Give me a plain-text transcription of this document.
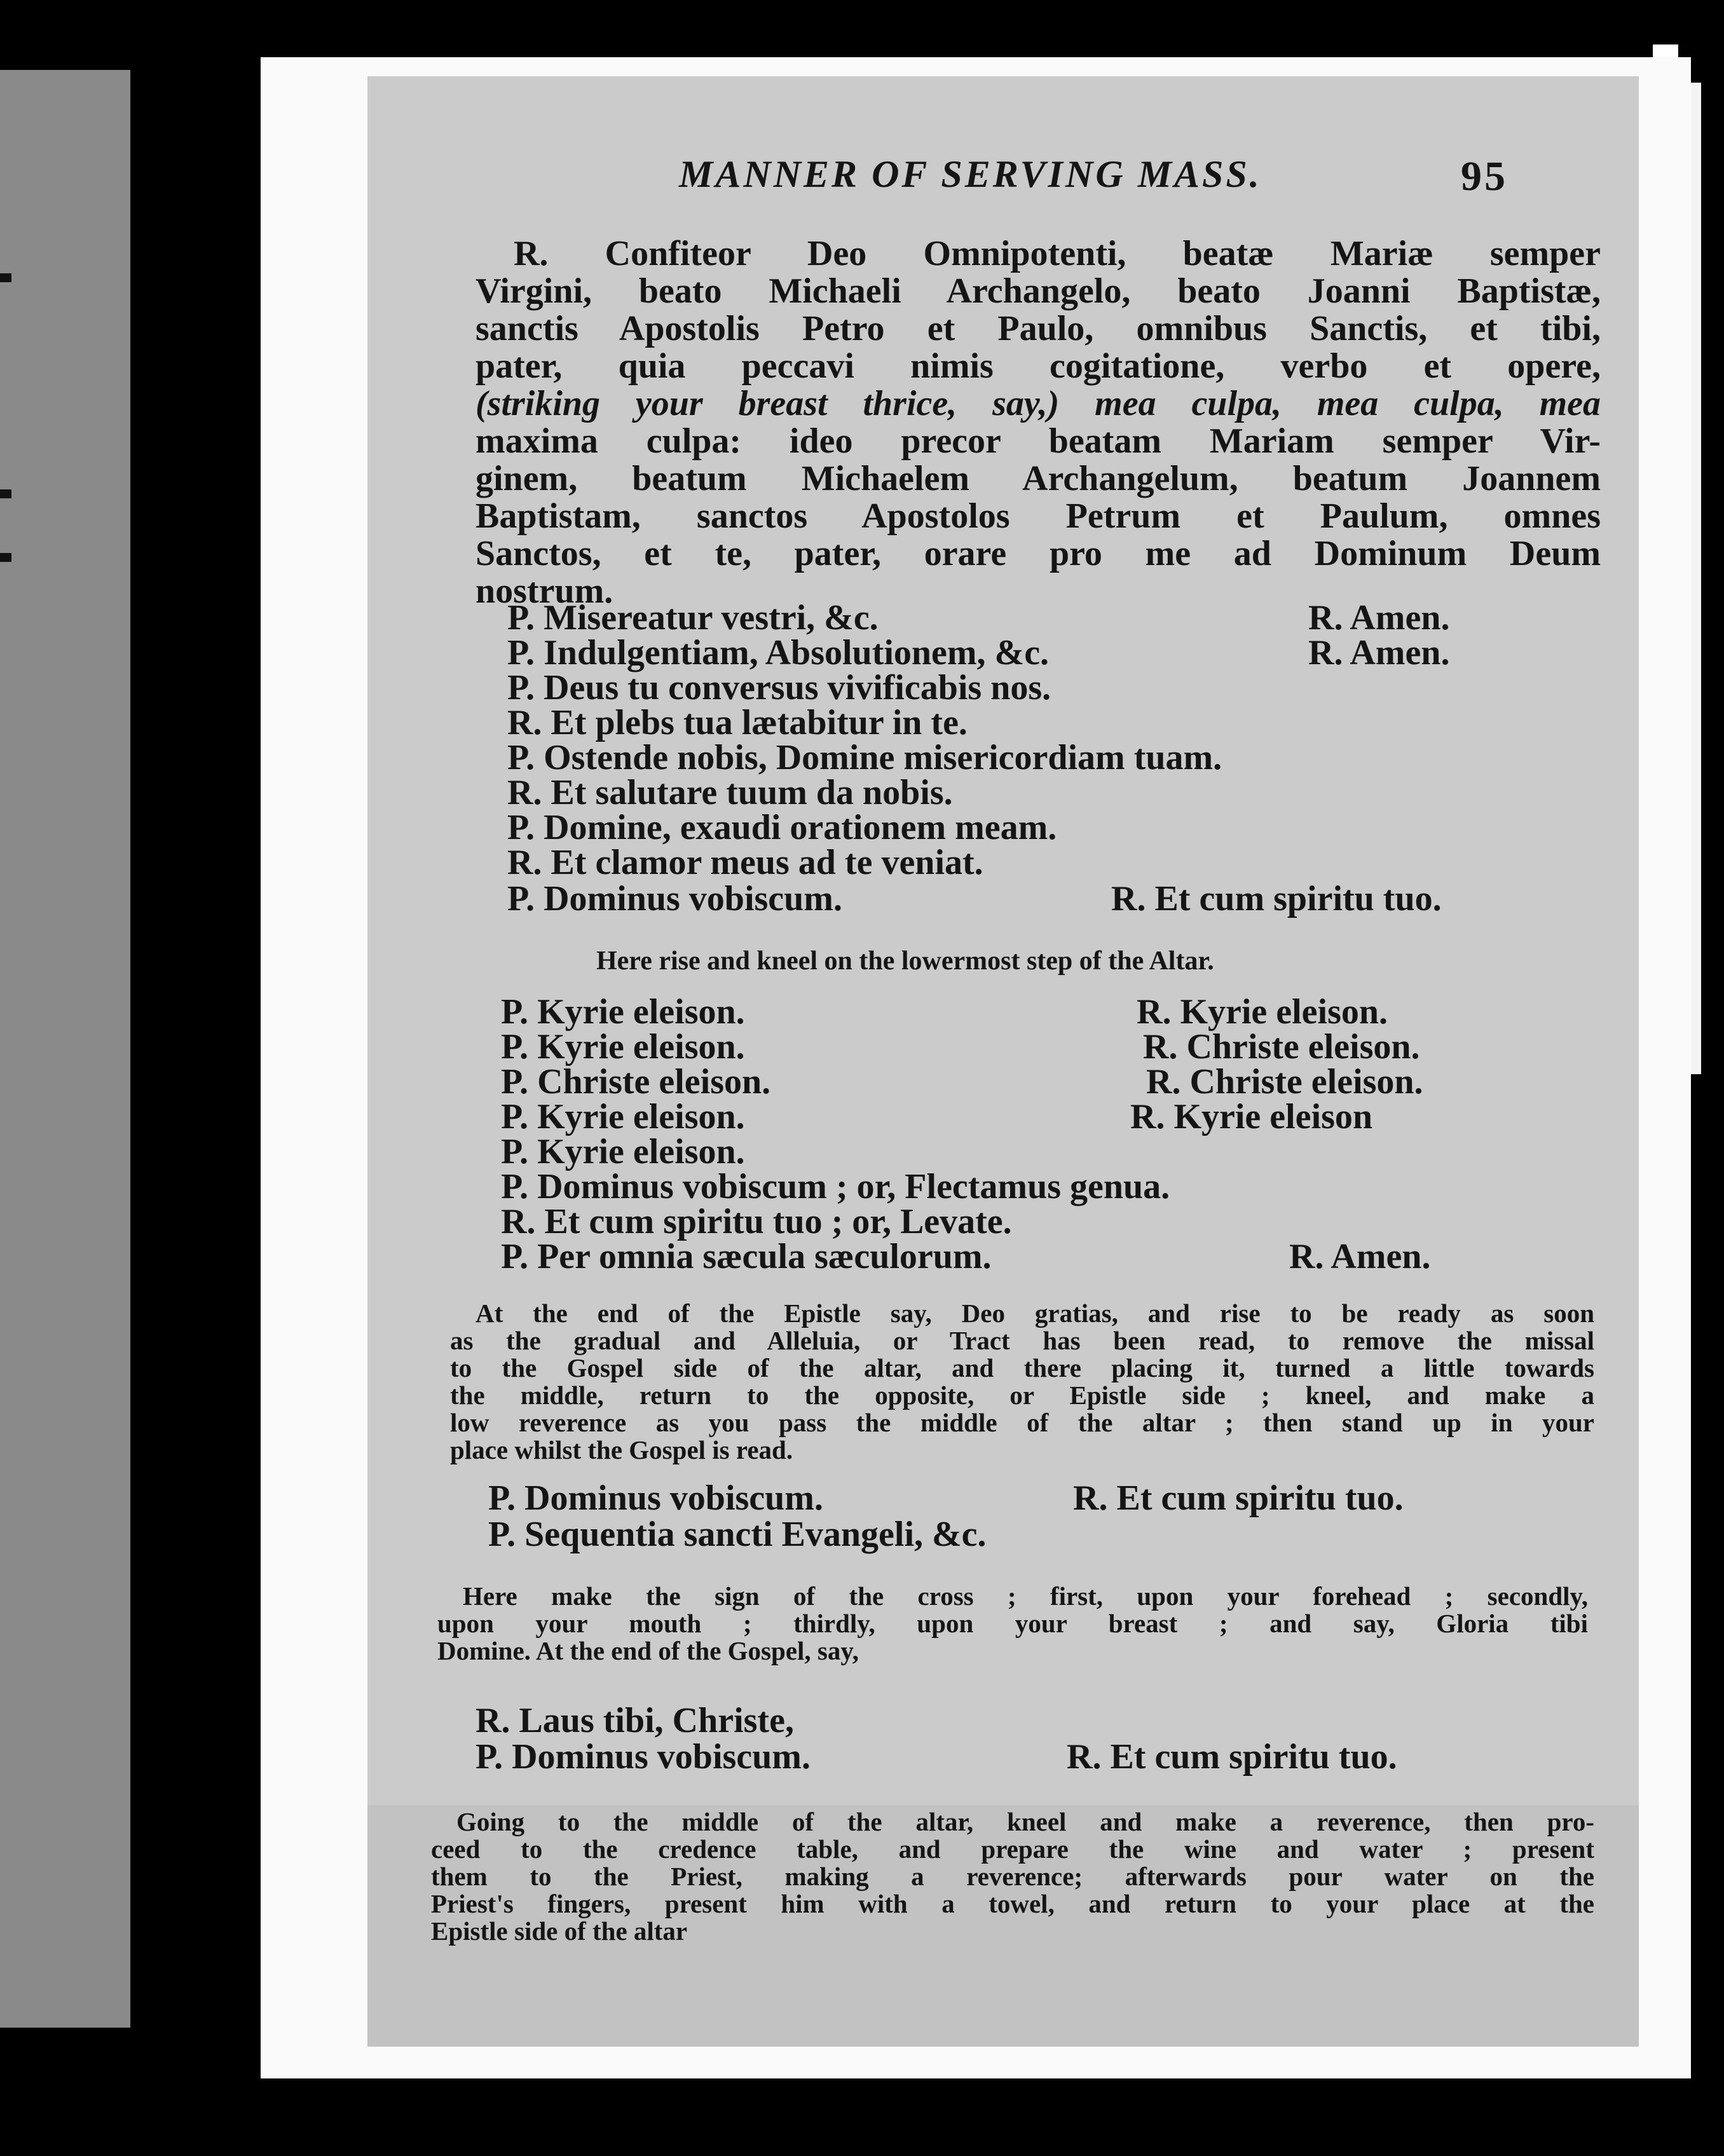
MANNER OF SERVING MASS.	95
R. Confiteor Deo Omnipotenti, beatæ Mariæ semper
Virgini, beato Michaeli Archangelo, beato Joanni Baptistæ,
sanctis Apostolis Petro et Paulo, omnibus Sanctis, et tibi,
pater, quia peccavi nimis cogitatione, verbo et opere,
(striking your breast thrice, say,) mea culpa, mea culpa, mea
maxima culpa: ideo precor beatam Mariam semper Vir-
ginem, beatum Michaelem Archangelum, beatum Joannem
Baptistam, sanctos Apostolos Petrum et Paulum, omnes
Sanctos, et te, pater, orare pro me ad Dominum Deum
nostrum.
P. Misereatur vestri, &c.	R. Amen.
P. Indulgentiam, Absolutionem, &c.	R. Amen.
P. Deus tu conversus vivificabis nos.
R. Et plebs tua lætabitur in te.
P. Ostende nobis, Domine misericordiam tuam.
R. Et salutare tuum da nobis.
P. Domine, exaudi orationem meam.
R. Et clamor meus ad te veniat.
P. Dominus vobiscum.	R. Et cum spiritu tuo.
Here rise and kneel on the lowermost step of the Altar.
P. Kyrie eleison.	R. Kyrie eleison.
P. Kyrie eleison.	R. Christe eleison.
P. Christe eleison.	R. Christe eleison.
P. Kyrie eleison.	R. Kyrie eleison
P. Kyrie eleison.
P. Dominus vobiscum ; or, Flectamus genua.
R. Et cum spiritu tuo ; or, Levate.
P. Per omnia sæcula sæculorum.	R. Amen.
At the end of the Epistle say, Deo gratias, and rise to be ready as soon
as the gradual and Alleluia, or Tract has been read, to remove the missal
to the Gospel side of the altar, and there placing it, turned a little towards
the middle, return to the opposite, or Epistle side ; kneel, and make a
low reverence as you pass the middle of the altar ; then stand up in your
place whilst the Gospel is read.
P. Dominus vobiscum.	R. Et cum spiritu tuo.
P. Sequentia sancti Evangeli, &c.
Here make the sign of the cross ; first, upon your forehead ; secondly,
upon your mouth ; thirdly, upon your breast ; and say, Gloria tibi
Domine. At the end of the Gospel, say,
R. Laus tibi, Christe,
P. Dominus vobiscum.	R. Et cum spiritu tuo.
Going to the middle of the altar, kneel and make a reverence, then pro-
ceed to the credence table, and prepare the wine and water ; present
them to the Priest, making a reverence; afterwards pour water on the
Priest's fingers, present him with a towel, and return to your place at the
Epistle side of the altar
